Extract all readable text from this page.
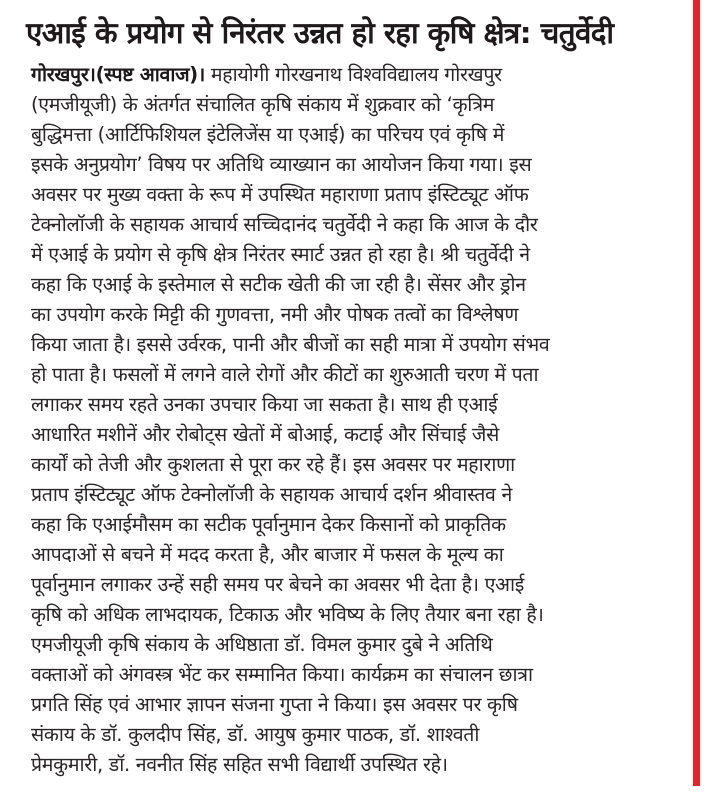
एआई के प्रयोग से निरंतर उन्नत हो रहा कृषि क्षेत्र: चतुर्वेदी
गोरखपुर।(स्पष्ट आवाज)। महायोगी गोरखनाथ विश्वविद्यालय गोरखपुर
(एमजीयूजी) के अंतर्गत संचालित कृषि संकाय में शुक्रवार को ‘कृत्रिम
बुद्धिमत्ता (आर्टिफिशियल इंटेलिजेंस या एआई) का परिचय एवं कृषि में
इसके अनुप्रयोग’ विषय पर अतिथि व्याख्यान का आयोजन किया गया। इस
अवसर पर मुख्य वक्ता के रूप में उपस्थित महाराणा प्रताप इंस्टिट्यूट ऑफ
टेक्नोलॉजी के सहायक आचार्य सच्चिदानंद चतुर्वेदी ने कहा कि आज के दौर
में एआई के प्रयोग से कृषि क्षेत्र निरंतर स्मार्ट उन्नत हो रहा है। श्री चतुर्वेदी ने
कहा कि एआई के इस्तेमाल से सटीक खेती की जा रही है। सेंसर और ड्रोन
का उपयोग करके मिट्टी की गुणवत्ता, नमी और पोषक तत्वों का विश्लेषण
किया जाता है। इससे उर्वरक, पानी और बीजों का सही मात्रा में उपयोग संभव
हो पाता है। फसलों में लगने वाले रोगों और कीटों का शुरुआती चरण में पता
लगाकर समय रहते उनका उपचार किया जा सकता है। साथ ही एआई
आधारित मशीनें और रोबोट्स खेतों में बोआई, कटाई और सिंचाई जैसे
कार्यों को तेजी और कुशलता से पूरा कर रहे हैं। इस अवसर पर महाराणा
प्रताप इंस्टिट्यूट ऑफ टेक्नोलॉजी के सहायक आचार्य दर्शन श्रीवास्तव ने
कहा कि एआईमौसम का सटीक पूर्वानुमान देकर किसानों को प्राकृतिक
आपदाओं से बचने में मदद करता है, और बाजार में फसल के मूल्य का
पूर्वानुमान लगाकर उन्हें सही समय पर बेचने का अवसर भी देता है। एआई
कृषि को अधिक लाभदायक, टिकाऊ और भविष्य के लिए तैयार बना रहा है।
एमजीयूजी कृषि संकाय के अधिष्ठाता डॉ. विमल कुमार दुबे ने अतिथि
वक्ताओं को अंगवस्त्र भेंट कर सम्मानित किया। कार्यक्रम का संचालन छात्रा
प्रगति सिंह एवं आभार ज्ञापन संजना गुप्ता ने किया। इस अवसर पर कृषि
संकाय के डॉ. कुलदीप सिंह, डॉ. आयुष कुमार पाठक, डॉ. शाश्वती
प्रेमकुमारी, डॉ. नवनीत सिंह सहित सभी विद्यार्थी उपस्थित रहे।
